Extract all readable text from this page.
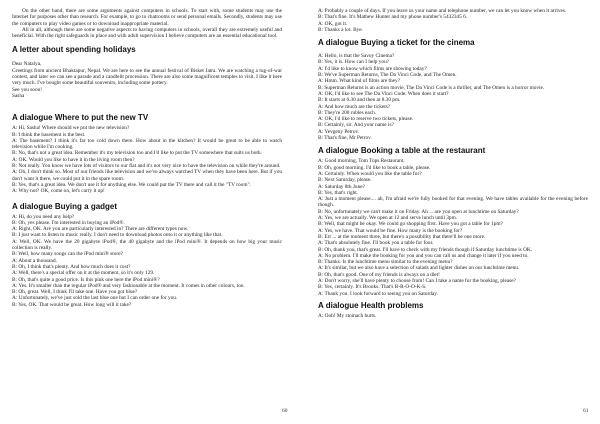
On the other hand, there are some arguments against computers in schools. To start with, some students may use the Internet for purposes other than research. For example, to go to chatrooms or send personal emails. Secondly, students may use the computers to play video games or to download inappropriate material.

All in all, although there are some negative aspects to having computers in schools, overall they are extremely useful and beneficial. With the right safeguards in place and with adult supervision I believe computers are an essential educational tool.

A letter about spending holidays

Dear Natalya,

Greetings from ancient Bhaktapur, Nepal. We are here to see the annual festival of Bisket Jatra. We are watching a tug-of-war contest, and later we can see a parade and a candlelit procession. There are also some magnificent temples to visit. I like it here very much. I've bought some beautiful souvenirs, including some pottery.

See you soon!

Sasha

A dialogue Where to put the new TV

A: Hi, Sasha! Where should we put the new television?

B: I think the basement is the best.

A: The basement? I think it's far too cold down there. How about in the kitchen? It would be great to be able to watch television while I'm cooking.

B: No, that's not a great idea. Remember it's my television too and I'd like to put the TV somewhere that suits us both.

A: OK. Would you like to have it in the living room then?

B: Not really. You know we have lots of visitors to our flat and it's not very nice to have the television on while they're around.

A: Oh, I don't think so. Most of our friends like television and we've always watched TV when they have been here. But if you don't want it there, we could put it in the spare room.

B: Yes, that's a great idea. We don't use it for anything else. We could put the TV there and call it the "TV room".

A: Why not? OK, come on, let's carry it up!

A dialogue Buying a gadget

A: Hi, do you need any help?

B: Oh, yes please. I'm interested in buying an iPod®.

A: Right, OK. Are you are particularly interested in? There are different types now.

B: I just want to listen to music really. I don't need to download photos onto it or anything like that.

A: Well, OK. We have the 20 gigabyte iPod®, the 40 gigabyte and the iPod mini®. It depends on how big your music collection is really.

B: Well, how many songs can the iPod mini® store?

A: About a thousand.

B: Oh, I think that's plenty. And how much does it cost?

A: Well, there's a special offer on it at the moment, so it's only 129.

B: Oh, that's quite a good price. Is this pink one here the iPod mini®?

A: Yes. It's smaller than the regular iPod® and very fashionable at the moment. It comes in other colours, too.

B: Oh, great. Well, I think I'll take one. Have you got blue?

A: Unfortunately, we've just sold the last blue one but I can order one for you.

B: Yes, OK. That would be great. How long will it take?

60

A: Probably a couple of days. If you leave us your name and telephone number, we can let you know when it arrives.

B: That's fine. It's Mathew Hunter and my phone number's 5432345 6.

A: OK, got it.

B: Thanks a lot. Bye.

A dialogue Buying a ticket for the cinema

A: Hello, is that the Savoy Cinema?

B: Yes, it is. How can I help you?

A: I'd like to know which films are showing today?

B: We've Superman Returns, The Da Vinci Code, and The Omen.

A: Hmm. What kind of films are they?

B: Superman Returns is an action movie, The Da Vinci Code is a thriller, and The Omen is a horror movie.

A: OK, I'd like to see The Da Vinci Code. When does it start?

B: It starts at 6.30 and then at 8.30 pm.

A: And how much are the tickets?

B: They're 200 rubles each.

A: OK, I'd like to reserve two tickets, please.

B: Certainly, sir. And your name is?

A: Yevgeny Petrov.

B: That's fine, Mr Petrov.

A dialogue Booking a table at the restaurant

A: Good morning, Tom Tops Restaurant.

B: Oh, good morning. I'd like to book a table, please.

A: Certainly. When would you like the table for?

B: Next Saturday, please.

A: Saturday 8th June?

B: Yes, that's right.

A: Just a moment please.... ah, I'm afraid we're fully booked for that evening. We have tables available for the evening before though.

B: No, unfortunately we can't make it on Friday. Ah ... are you open at lunchtime on Saturday?

A: Yes, we are actually. We open at 12 and serve lunch until 3pm.

B: Well, that might be okay. We could go shopping first. Have you got a table for 1pm?

A: Yes, we have. That would be fine. How many is the booking for?

B: Err ... at the moment three, but there's a possibility that there'll be one more.

A: That's absolutely fine. I'll book you a table for four.

B: Oh, thank you, that's great. I'll have to check with my friends though if Saturday lunchtime is OK.

A: No problem. I'll make the booking for you and you can call us and change it later if you need to.

B: Thanks. Is the lunchtime menu similar to the evening menu?

A: It's similar, but we also have a selection of salads and lighter dishes on our lunchtime menu.

B: Oh, that's good. One of my friends is always on a diet!

A: Don't worry, she'll have plenty to choose from! Can I take a name for the booking, please?

B: Yes, certainly. It's Brooks. That's B-R-O-O-K-S.

A: Thank you. I look forward to seeing you on Saturday.

A dialogue Health problems

A: Ooh! My stomach hurts.

61
